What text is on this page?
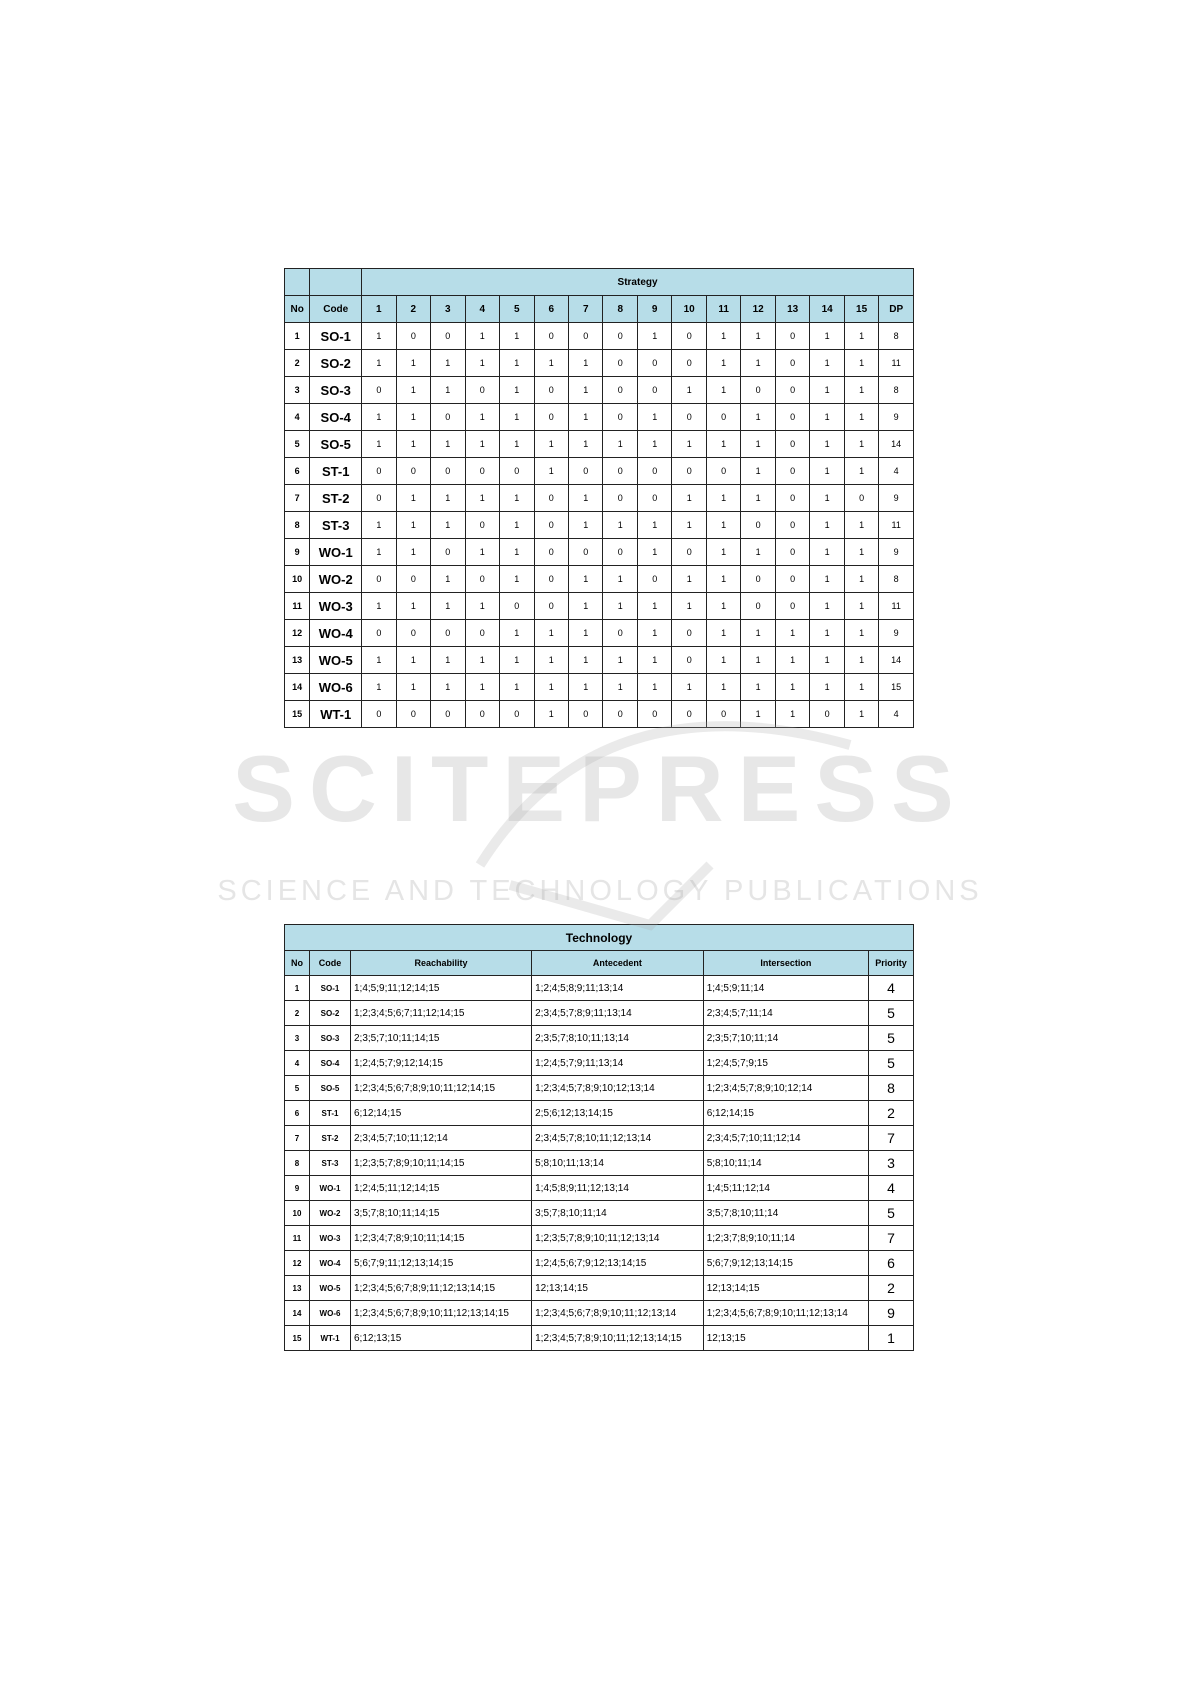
SCITEPRESS
SCIENCE AND TECHNOLOGY PUBLICATIONS
		Strategy															
No	Code	1	2	3	4	5	6	7	8	9	10	11	12	13	14	15	DP
1	SO-1	1	0	0	1	1	0	0	0	1	0	1	1	0	1	1	8
2	SO-2	1	1	1	1	1	1	1	0	0	0	1	1	0	1	1	11
3	SO-3	0	1	1	0	1	0	1	0	0	1	1	0	0	1	1	8
4	SO-4	1	1	0	1	1	0	1	0	1	0	0	1	0	1	1	9
5	SO-5	1	1	1	1	1	1	1	1	1	1	1	1	0	1	1	14
6	ST-1	0	0	0	0	0	1	0	0	0	0	0	1	0	1	1	4
7	ST-2	0	1	1	1	1	0	1	0	0	1	1	1	0	1	0	9
8	ST-3	1	1	1	0	1	0	1	1	1	1	1	0	0	1	1	11
9	WO-1	1	1	0	1	1	0	0	0	1	0	1	1	0	1	1	9
10	WO-2	0	0	1	0	1	0	1	1	0	1	1	0	0	1	1	8
11	WO-3	1	1	1	1	0	0	1	1	1	1	1	0	0	1	1	11
12	WO-4	0	0	0	0	1	1	1	0	1	0	1	1	1	1	1	9
13	WO-5	1	1	1	1	1	1	1	1	1	0	1	1	1	1	1	14
14	WO-6	1	1	1	1	1	1	1	1	1	1	1	1	1	1	1	15
15	WT-1	0	0	0	0	0	1	0	0	0	0	0	1	1	0	1	4
Technology					
No	Code	Reachability	Antecedent	Intersection	Priority
1	SO-1	1;4;5;9;11;12;14;15	1;2;4;5;8;9;11;13;14	1;4;5;9;11;14	4
2	SO-2	1;2;3;4;5;6;7;11;12;14;15	2;3;4;5;7;8;9;11;13;14	2;3;4;5;7;11;14	5
3	SO-3	2;3;5;7;10;11;14;15	2;3;5;7;8;10;11;13;14	2;3;5;7;10;11;14	5
4	SO-4	1;2;4;5;7;9;12;14;15	1;2;4;5;7;9;11;13;14	1;2;4;5;7;9;15	5
5	SO-5	1;2;3;4;5;6;7;8;9;10;11;12;14;15	1;2;3;4;5;7;8;9;10;12;13;14	1;2;3;4;5;7;8;9;10;12;14	8
6	ST-1	6;12;14;15	2;5;6;12;13;14;15	6;12;14;15	2
7	ST-2	2;3;4;5;7;10;11;12;14	2;3;4;5;7;8;10;11;12;13;14	2;3;4;5;7;10;11;12;14	7
8	ST-3	1;2;3;5;7;8;9;10;11;14;15	5;8;10;11;13;14	5;8;10;11;14	3
9	WO-1	1;2;4;5;11;12;14;15	1;4;5;8;9;11;12;13;14	1;4;5;11;12;14	4
10	WO-2	3;5;7;8;10;11;14;15	3;5;7;8;10;11;14	3;5;7;8;10;11;14	5
11	WO-3	1;2;3;4;7;8;9;10;11;14;15	1;2;3;5;7;8;9;10;11;12;13;14	1;2;3;7;8;9;10;11;14	7
12	WO-4	5;6;7;9;11;12;13;14;15	1;2;4;5;6;7;9;12;13;14;15	5;6;7;9;12;13;14;15	6
13	WO-5	1;2;3;4;5;6;7;8;9;11;12;13;14;15	12;13;14;15	12;13;14;15	2
14	WO-6	1;2;3;4;5;6;7;8;9;10;11;12;13;14;15	1;2;3;4;5;6;7;8;9;10;11;12;13;14	1;2;3;4;5;6;7;8;9;10;11;12;13;14	9
15	WT-1	6;12;13;15	1;2;3;4;5;7;8;9;10;11;12;13;14;15	12;13;15	1
